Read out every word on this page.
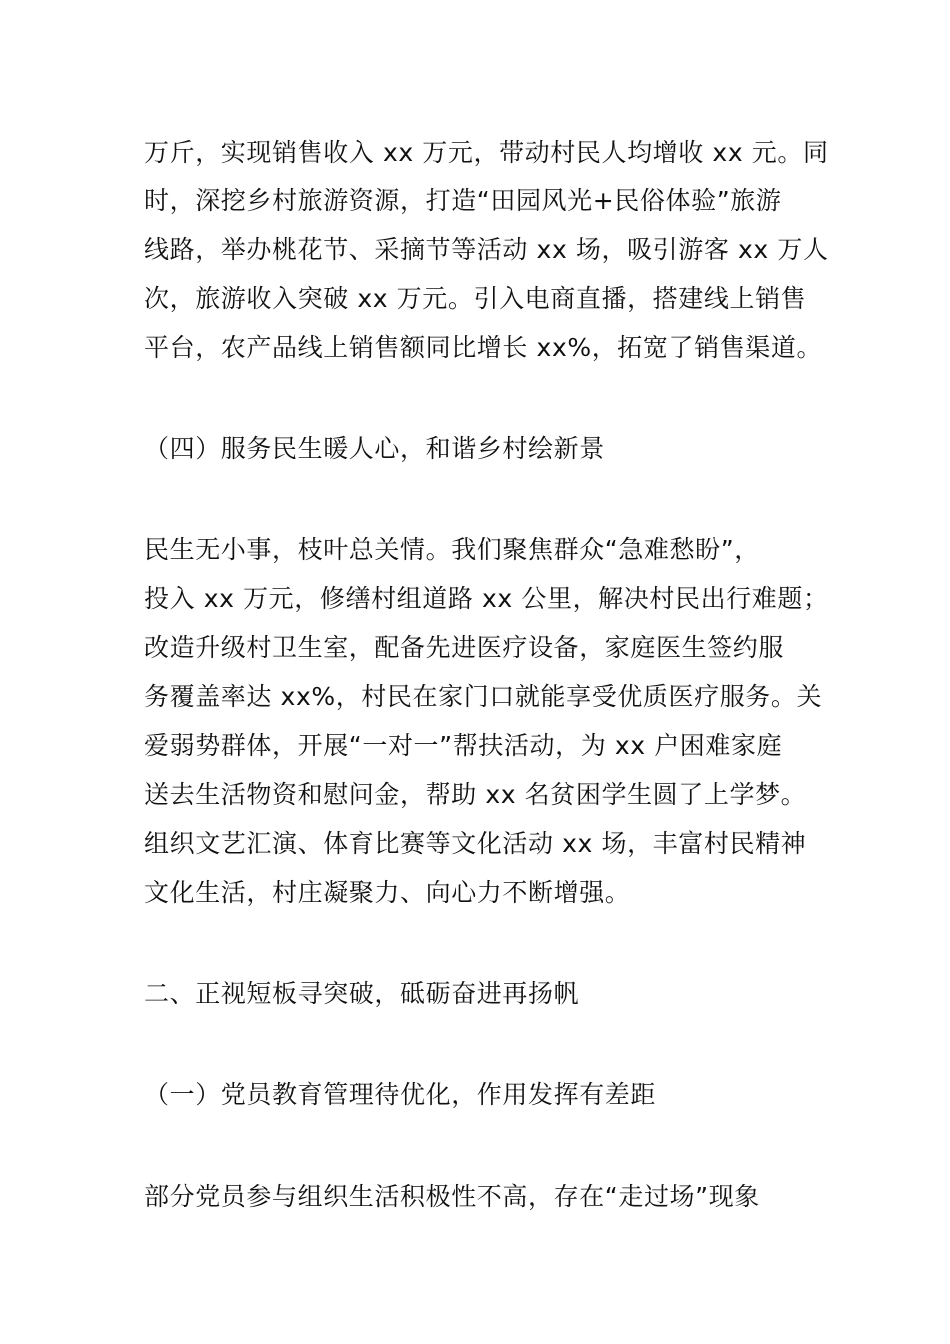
万斤，实现销售收入 xx 万元，带动村民人均增收 xx 元。同

时，深挖乡村旅游资源，打造“田园风光+民俗体验”旅游

线路，举办桃花节、采摘节等活动 xx 场，吸引游客 xx 万人

次，旅游收入突破 xx 万元。引入电商直播，搭建线上销售

平台，农产品线上销售额同比增长 xx%，拓宽了销售渠道。

（四）服务民生暖人心，和谐乡村绘新景

民生无小事，枝叶总关情。我们聚焦群众“急难愁盼”，

投入 xx 万元，修缮村组道路 xx 公里，解决村民出行难题；

改造升级村卫生室，配备先进医疗设备，家庭医生签约服

务覆盖率达 xx%，村民在家门口就能享受优质医疗服务。关

爱弱势群体，开展“一对一”帮扶活动，为 xx 户困难家庭

送去生活物资和慰问金，帮助 xx 名贫困学生圆了上学梦。

组织文艺汇演、体育比赛等文化活动 xx 场，丰富村民精神

文化生活，村庄凝聚力、向心力不断增强。

二、正视短板寻突破，砥砺奋进再扬帆
（一）党员教育管理待优化，作用发挥有差距

部分党员参与组织生活积极性不高，存在“走过场”现象
